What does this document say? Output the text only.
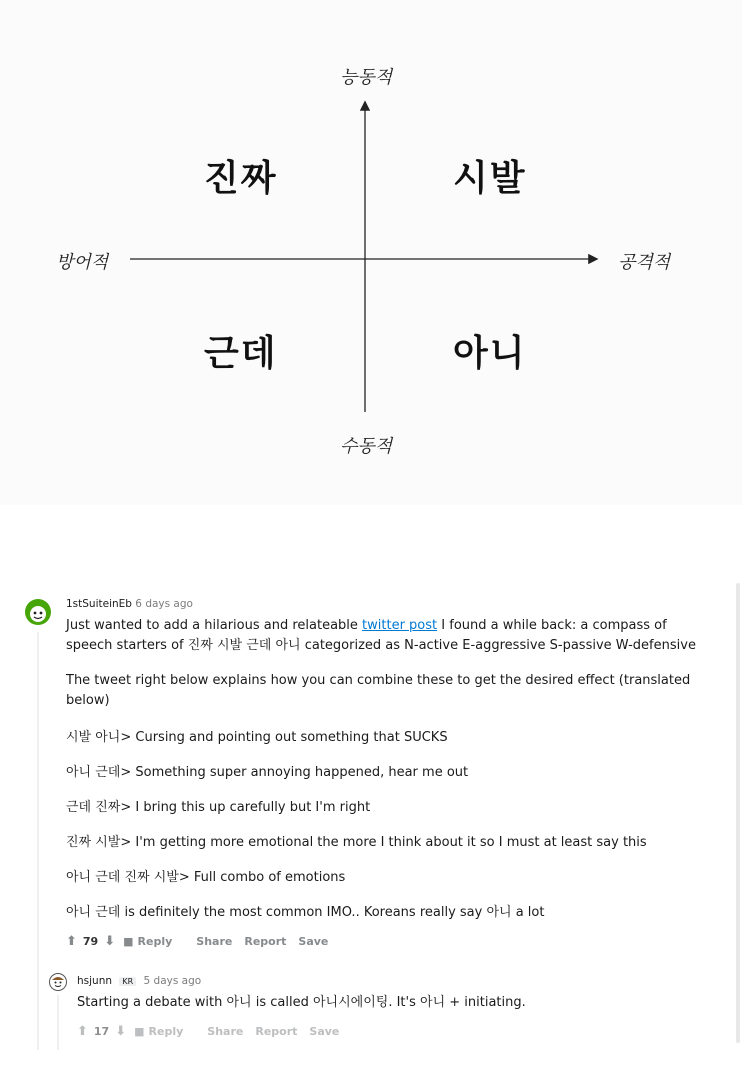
능동적
수동적
방어적	공격적
진짜	시발
근데	아니
1stSuiteinEb 6 days ago

Just wanted to add a hilarious and relateable twitter post I found a while back: a compass of

speech starters of 진짜 시발 근데 아니 categorized as N-active E-aggressive S-passive W-defensive

The tweet right below explains how you can combine these to get the desired effect (translated
below)

시발 아니> Cursing and pointing out something that SUCKS
아니 근데> Something super annoying happened, hear me out
근데 진짜> I bring this up carefully but I'm right
진짜 시발> I'm getting more emotional the more I think about it so I must at least say this
아니 근데 진짜 시발> Full combo of emotions
아니 근데 is definitely the most common IMO.. Koreans really say 아니 a lot
⬆ 79 ⬇ ■ Reply	Share Report Save
hsjunn KR 5 days ago
Starting a debate with 아니 is called 아니시에이팅. It's 아니 + initiating.
⬆ 17 ⬇ ■ Reply	Share Report Save
